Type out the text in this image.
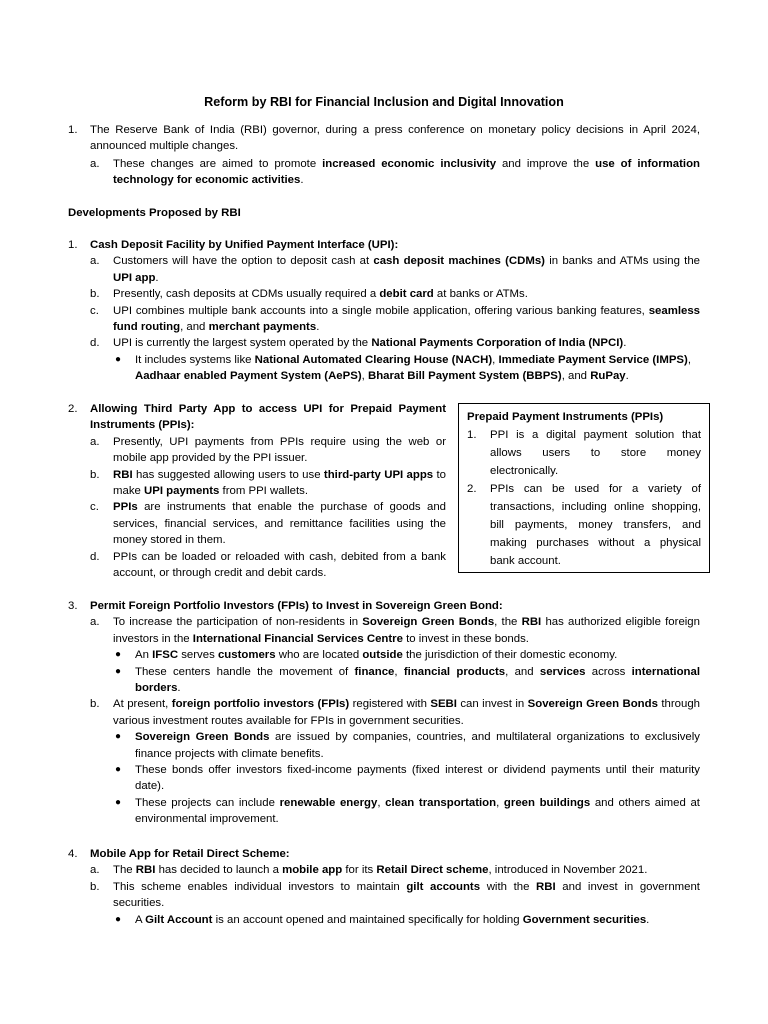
Reform by RBI for Financial Inclusion and Digital Innovation
1. The Reserve Bank of India (RBI) governor, during a press conference on monetary policy decisions in April 2024, announced multiple changes.
a. These changes are aimed to promote increased economic inclusivity and improve the use of information technology for economic activities.
Developments Proposed by RBI
1. Cash Deposit Facility by Unified Payment Interface (UPI):
a. Customers will have the option to deposit cash at cash deposit machines (CDMs) in banks and ATMs using the UPI app.
b. Presently, cash deposits at CDMs usually required a debit card at banks or ATMs.
c. UPI combines multiple bank accounts into a single mobile application, offering various banking features, seamless fund routing, and merchant payments.
d. UPI is currently the largest system operated by the National Payments Corporation of India (NPCI).
● It includes systems like National Automated Clearing House (NACH), Immediate Payment Service (IMPS), Aadhaar enabled Payment System (AePS), Bharat Bill Payment System (BBPS), and RuPay.
2. Allowing Third Party App to access UPI for Prepaid Payment Instruments (PPIs):
a. Presently, UPI payments from PPIs require using the web or mobile app provided by the PPI issuer.
b. RBI has suggested allowing users to use third-party UPI apps to make UPI payments from PPI wallets.
c. PPIs are instruments that enable the purchase of goods and services, financial services, and remittance facilities using the money stored in them.
d. PPIs can be loaded or reloaded with cash, debited from a bank account, or through credit and debit cards.
Prepaid Payment Instruments (PPIs)
1. PPI is a digital payment solution that allows users to store money electronically.
2. PPIs can be used for a variety of transactions, including online shopping, bill payments, money transfers, and making purchases without a physical bank account.
3. Permit Foreign Portfolio Investors (FPIs) to Invest in Sovereign Green Bond:
a. To increase the participation of non-residents in Sovereign Green Bonds, the RBI has authorized eligible foreign investors in the International Financial Services Centre to invest in these bonds.
● An IFSC serves customers who are located outside the jurisdiction of their domestic economy.
● These centers handle the movement of finance, financial products, and services across international borders.
b. At present, foreign portfolio investors (FPIs) registered with SEBI can invest in Sovereign Green Bonds through various investment routes available for FPIs in government securities.
● Sovereign Green Bonds are issued by companies, countries, and multilateral organizations to exclusively finance projects with climate benefits.
● These bonds offer investors fixed-income payments (fixed interest or dividend payments until their maturity date).
● These projects can include renewable energy, clean transportation, green buildings and others aimed at environmental improvement.
4. Mobile App for Retail Direct Scheme:
a. The RBI has decided to launch a mobile app for its Retail Direct scheme, introduced in November 2021.
b. This scheme enables individual investors to maintain gilt accounts with the RBI and invest in government securities.
● A Gilt Account is an account opened and maintained specifically for holding Government securities.
